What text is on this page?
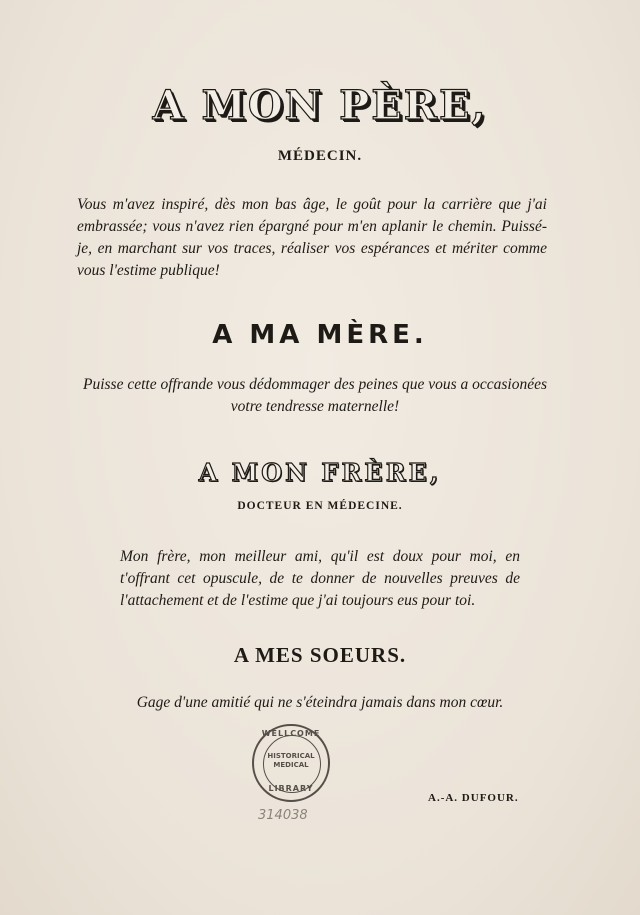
A MON PÈRE,
MÉDECIN.
Vous m'avez inspiré, dès mon bas âge, le goût pour la carrière que j'ai embrassée; vous n'avez rien épargné pour m'en aplanir le chemin. Puissé-je, en marchant sur vos traces, réaliser vos espérances et mériter comme vous l'estime publique!
A MA MÈRE.
Puisse cette offrande vous dédommager des peines que vous a occasionées votre tendresse maternelle!
A MON FRÈRE,
DOCTEUR EN MÉDECINE.
Mon frère, mon meilleur ami, qu'il est doux pour moi, en t'offrant cet opuscule, de te donner de nouvelles preuves de l'attachement et de l'estime que j'ai toujours eus pour toi.
A MES SOEURS.
Gage d'une amitié qui ne s'éteindra jamais dans mon cœur.
WELLCOME
HISTORICAL
MEDICAL
LIBRARY
314038
A.-A. DUFOUR.
